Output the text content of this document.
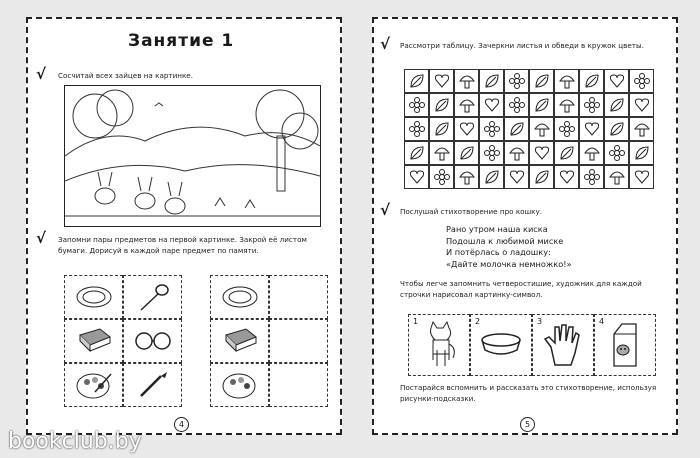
Занятие 1
√ Сосчитай всех зайцев на картинке.
√ Запомни пары предметов на первой картинке. Закрой её листом бумаги. Дорисуй в каждой паре предмет по памяти.
4
√ Рассмотри таблицу. Зачеркни листья и обведи в кружок цветы.
√ Послушай стихотворение про кошку.
Рано утром наша киска
Подошла к любимой миске
И потёрлась о ладошку:
«Дайте молочка немножко!»
Чтобы легче запомнить четверостишие, художник для каждой строчки нарисовал картинку-символ.
1	2	3	4
Постарайся вспомнить и рассказать это стихотворение, используя рисунки-подсказки.
5
bookclub.by
